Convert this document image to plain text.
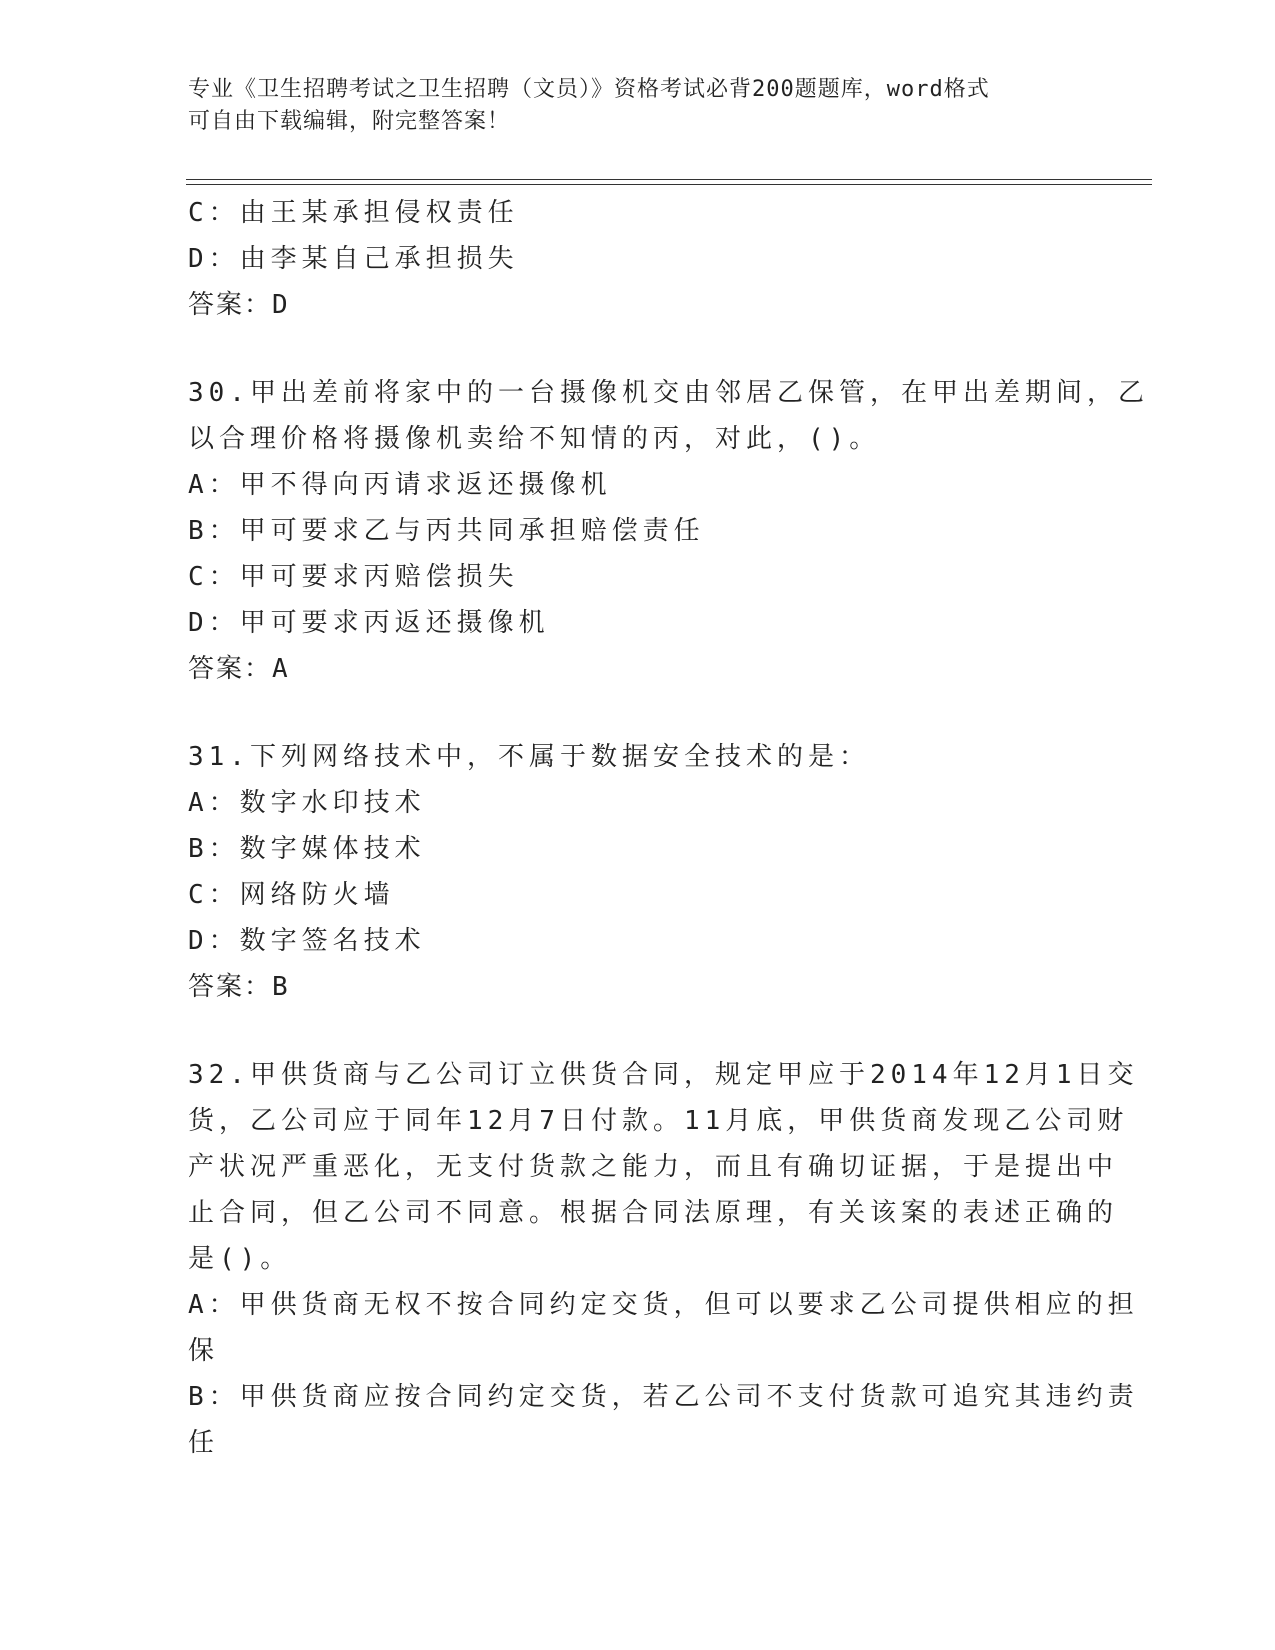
专业《卫生招聘考试之卫生招聘（文员）》资格考试必背200题题库，word格式
可自由下载编辑，附完整答案！
C：由王某承担侵权责任
D：由李某自己承担损失
答案：D
30.甲出差前将家中的一台摄像机交由邻居乙保管，在甲出差期间，乙
以合理价格将摄像机卖给不知情的丙，对此，()。
A：甲不得向丙请求返还摄像机
B：甲可要求乙与丙共同承担赔偿责任
C：甲可要求丙赔偿损失
D：甲可要求丙返还摄像机
答案：A
31.下列网络技术中，不属于数据安全技术的是：
A：数字水印技术
B：数字媒体技术
C：网络防火墙
D：数字签名技术
答案：B
32.甲供货商与乙公司订立供货合同，规定甲应于2014年12月1日交
货，乙公司应于同年12月7日付款。11月底，甲供货商发现乙公司财
产状况严重恶化，无支付货款之能力，而且有确切证据，于是提出中
止合同，但乙公司不同意。根据合同法原理，有关该案的表述正确的
是()。
A：甲供货商无权不按合同约定交货，但可以要求乙公司提供相应的担
保
B：甲供货商应按合同约定交货，若乙公司不支付货款可追究其违约责
任
